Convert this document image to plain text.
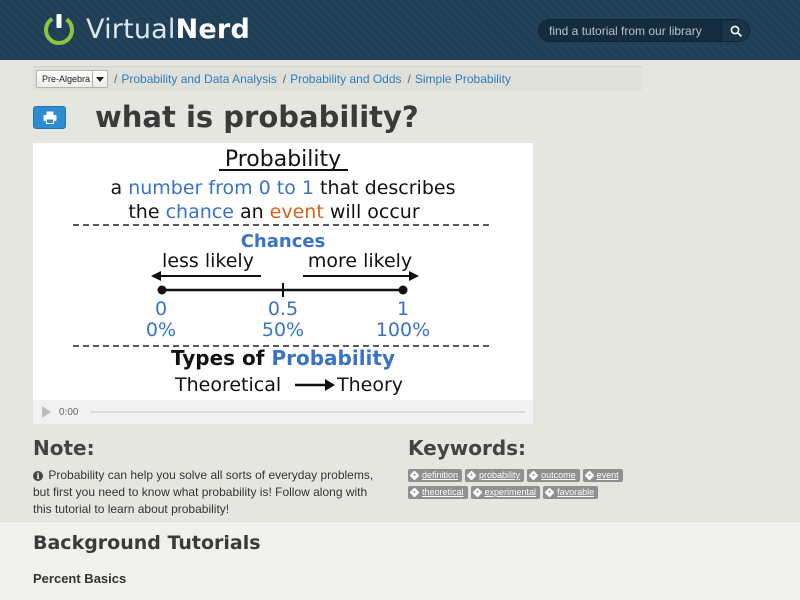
VirtualNerd
find a tutorial from our library
Pre-Algebra / Probability and Data Analysis / Probability and Odds / Simple Probability
what is probability?
Probability
a number from 0 to 1 that describes
the chance an event will occur
Chances
less likely	more likely
0	0.5	1
0%	50%	100%
Types of Probability
Theoretical	Theory
0:00
Note:

i Probability can help you solve all sorts of everyday problems, but first you need to know what probability is! Follow along with this tutorial to learn about probability!

Keywords:
definition probability outcome event
theoretical experimental favorable
Background Tutorials
Percent Basics
